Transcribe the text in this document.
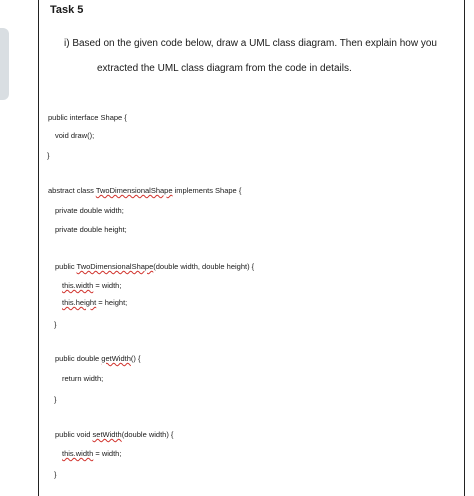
Task 5
i) Based on the given code below, draw a UML class diagram. Then explain how you
extracted the UML class diagram from the code in details.
public interface Shape {
void draw();
}
abstract class TwoDimensionalShape implements Shape {
private double width;
private double height;
public TwoDimensionalShape(double width, double height) {
this.width = width;
this.height = height;
}
public double getWidth() {
return width;
}
public void setWidth(double width) {
this.width = width;
}
